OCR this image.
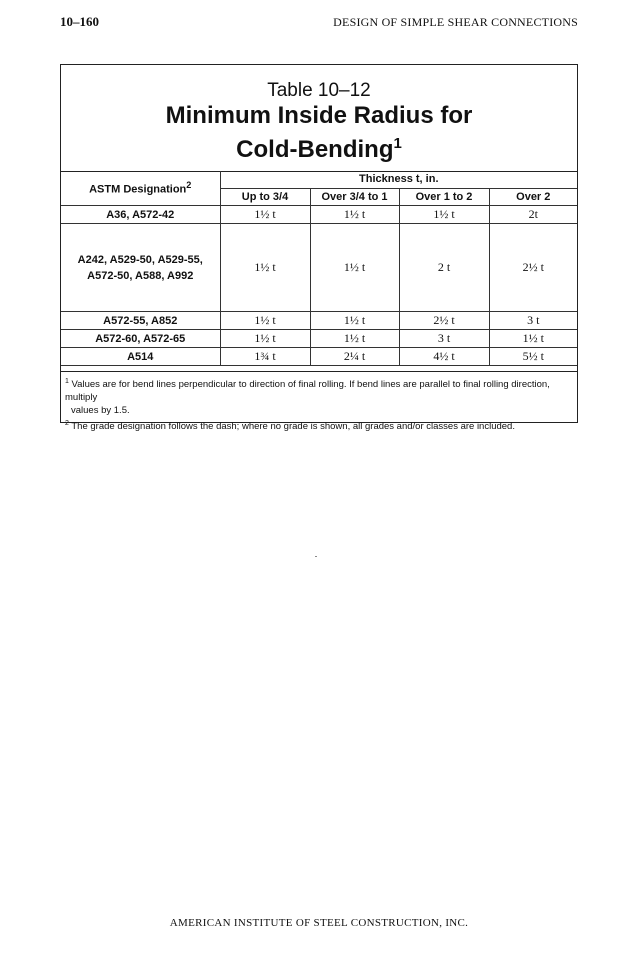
10–160	DESIGN OF SIMPLE SHEAR CONNECTIONS
Table 10–12
Minimum Inside Radius for
Cold-Bending$^1$
ASTM Designation$^2$	Thickness t, in.			
	Up to 3/4	Over 3/4 to 1	Over 1 to 2	Over 2
A36, A572-42	1½ t	1½ t	1½ t	2t

A242, A529-50, A529-55,
A572-50, A588, A992	1½ t	1½ t	2 t	2½ t
A572-55, A852	1½ t	1½ t	2½ t	3 t
A572-60, A572-65	1½ t	1½ t	3 t	1½ t
A514	1¾ t	2¼ t	4½ t	5½ t

$^1$ Values are for bend lines perpendicular to direction of final rolling. If bend lines are parallel to final rolling direction, multiply

values by 1.5.

$^2$ The grade designation follows the dash; where no grade is shown, all grades and/or classes are included.

AMERICAN INSTITUTE OF STEEL CONSTRUCTION, INC.
